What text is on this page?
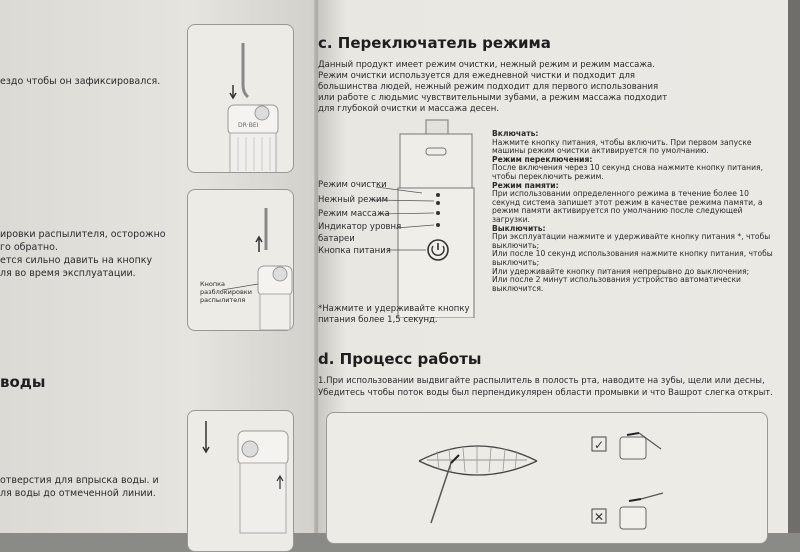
ездо чтобы он зафиксировался.
ировки распылителя, осторожно
го обратно.
ется сильно давить на кнопку
ля во время эксплуатации.
воды
отверстия для впрыска воды. и
ля воды до отмеченной линии.
DR·BEI
Кнопка
разблокировки
распылителя
c. Переключатель режима
Данный продукт имеет режим очистки, нежный режим и режим массажа.
Режим очистки используется для ежедневной чистки и подходит для
большинства людей, нежный режим подходит для первого использования
или работе с людьмис чувствительными зубами, а режим массажа подходит
для глубокой очистки и массажа десен.
Режим очистки
Нежный режим
Режим массажа
Индикатор уровня
батареи
Кнопка питания
Включать:
Нажмите кнопку питания, чтобы включить. При первом запуске
машины режим очистки активируется по умолчанию.
Режим переключения:
После включения через 10 секунд снова нажмите кнопку питания,
чтобы переключить режим.
Режим памяти:
При использовании определенного режима в течение более 10
секунд система запишет этот режим в качестве режима памяти, а
режим памяти активируется по умолчанию после следующей
загрузки.
Выключить:
При эксплуатации нажмите и удерживайте кнопку питания *, чтобы
выключить;
Или после 10 секунд использования нажмите кнопку питания, чтобы
выключить;
Или удерживайте кнопку питания непрерывно до выключения;
Или после 2 минут использования устройство автоматически
выключится.
*Нажмите и удерживайте кнопку
питания более 1,5 секунд.
d. Процесс работы
1.При использовании выдвигайте распылитель в полость рта, наводите на зубы, щели или десны,
Убедитесь чтобы поток воды был перпендикулярен области промывки и что Вашрот слегка открыт.
✓
✕
